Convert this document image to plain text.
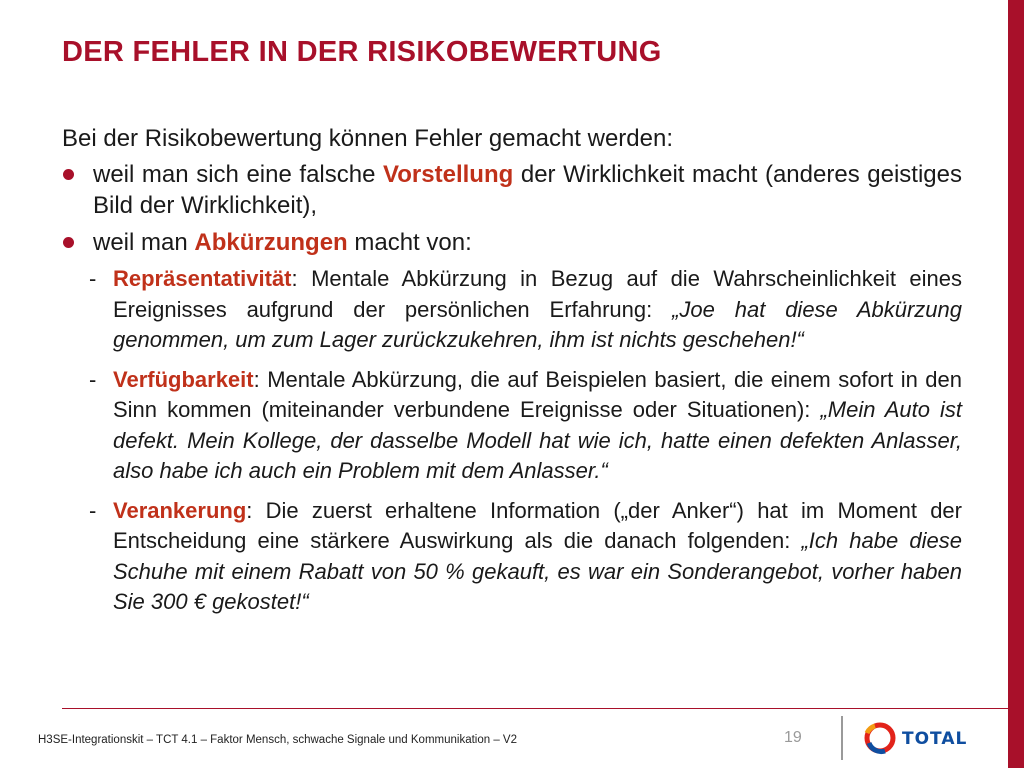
DER FEHLER IN DER RISIKOBEWERTUNG

Bei der Risikobewertung können Fehler gemacht werden:

weil man sich eine falsche Vorstellung der Wirklichkeit macht (anderes geistiges Bild der Wirklichkeit),
weil man Abkürzungen macht von:
- Repräsentativität: Mentale Abkürzung in Bezug auf die Wahrscheinlichkeit eines Ereignisses aufgrund der persönlichen Erfahrung: „Joe hat diese Abkürzung genommen, um zum Lager zurückzukehren, ihm ist nichts geschehen!“
- Verfügbarkeit: Mentale Abkürzung, die auf Beispielen basiert, die einem sofort in den Sinn kommen (miteinander verbundene Ereignisse oder Situationen): „Mein Auto ist defekt. Mein Kollege, der dasselbe Modell hat wie ich, hatte einen defekten Anlasser, also habe ich auch ein Problem mit dem Anlasser.“
- Verankerung: Die zuerst erhaltene Information („der Anker“) hat im Moment der Entscheidung eine stärkere Auswirkung als die danach folgenden: „Ich habe diese Schuhe mit einem Rabatt von 50 % gekauft, es war ein Sonderangebot, vorher haben Sie 300 € gekostet!“
H3SE-Integrationskit – TCT 4.1 – Faktor Mensch, schwache Signale und Kommunikation – V2	19	TOTAL
